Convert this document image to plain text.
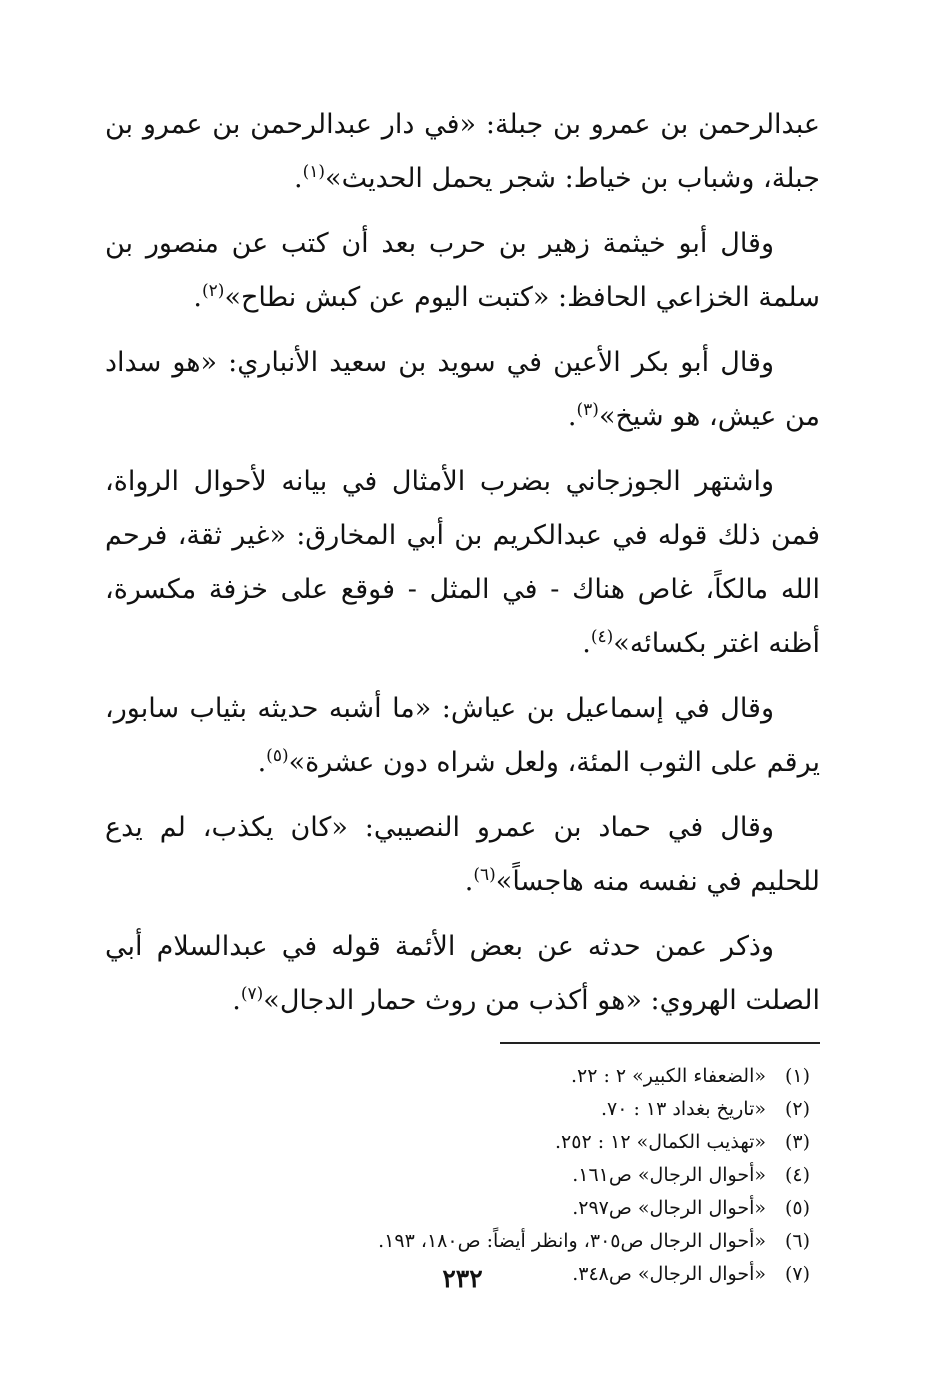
عبدالرحمن بن عمرو بن جبلة: «في دار عبدالرحمن بن عمرو بن جبلة، وشباب بن خياط: شجر يحمل الحديث»$^{(١)}$.

وقال أبو خيثمة زهير بن حرب بعد أن كتب عن منصور بن سلمة الخزاعي الحافظ: «كتبت اليوم عن كبش نطاح»$^{(٢)}$.

وقال أبو بكر الأعين في سويد بن سعيد الأنباري: «هو سداد من عيش، هو شيخ»$^{(٣)}$.

واشتهر الجوزجاني بضرب الأمثال في بيانه لأحوال الرواة، فمن ذلك قوله في عبدالكريم بن أبي المخارق: «غير ثقة، فرحم الله مالكاً، غاص هناك - في المثل - فوقع على خزفة مكسرة، أظنه اغتر بكسائه»$^{(٤)}$.

وقال في إسماعيل بن عياش: «ما أشبه حديثه بثياب سابور، يرقم على الثوب المئة، ولعل شراه دون عشرة»$^{(٥)}$.

وقال في حماد بن عمرو النصيبي: «كان يكذب، لم يدع للحليم في نفسه منه هاجساً»$^{(٦)}$.

وذكر عمن حدثه عن بعض الأئمة قوله في عبدالسلام أبي الصلت الهروي: «هو أكذب من روث حمار الدجال»$^{(٧)}$.

(١)
«الضعفاء الكبير» ٢ : ٢٢.
(٢)
«تاريخ بغداد ١٣ : ٧٠.
(٣)
«تهذيب الكمال» ١٢ : ٢٥٢.
(٤)
«أحوال الرجال» ص١٦١.
(٥)
«أحوال الرجال» ص٢٩٧.
(٦)
«أحوال الرجال ص٣٠٥، وانظر أيضاً: ص١٨٠، ١٩٣.
(٧)
«أحوال الرجال» ص٣٤٨.
٢٣٢
